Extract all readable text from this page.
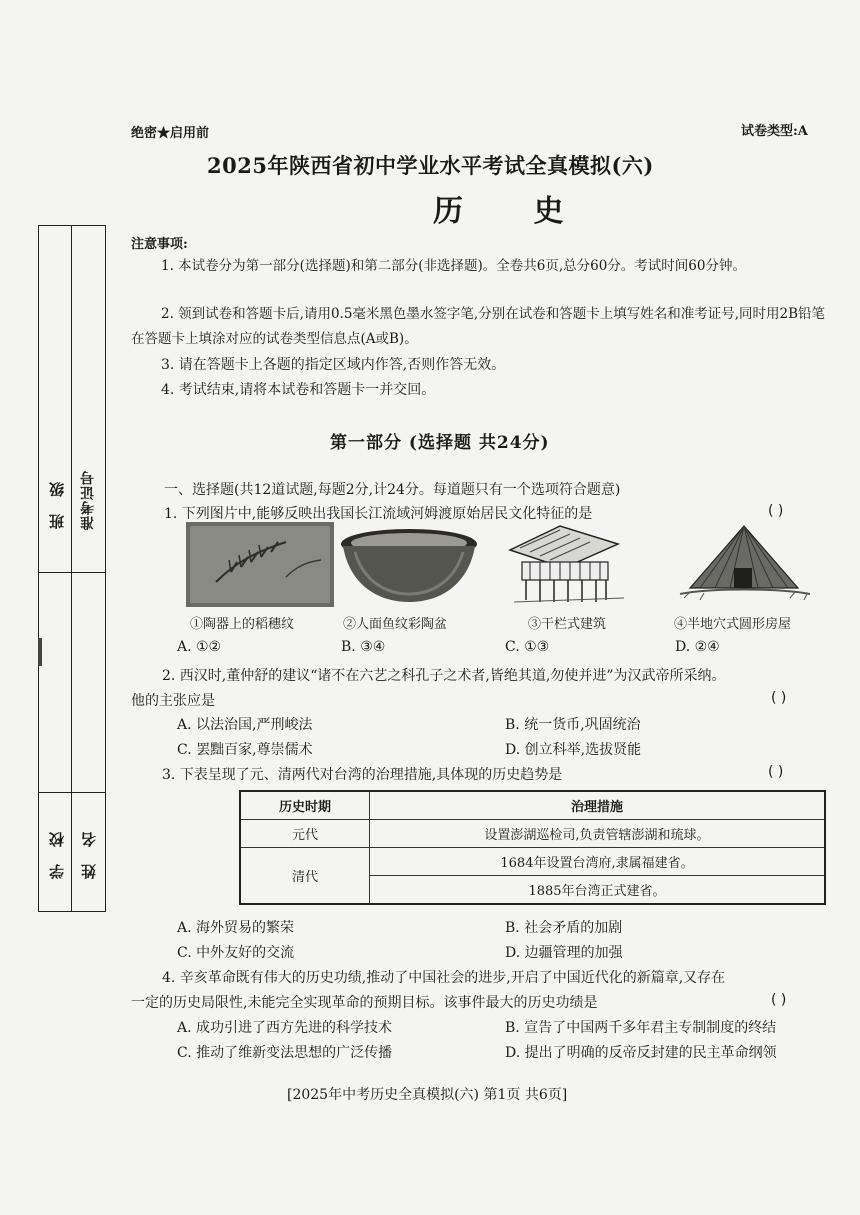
绝密★启用前	试卷类型:A
2025年陕西省初中学业水平考试全真模拟(六)
历 史
班 级 准考证号
学 校 姓 名
注意事项:
1. 本试卷分为第一部分(选择题)和第二部分(非选择题)。全卷共6页,总分60分。考试时间60分钟。
2. 领到试卷和答题卡后,请用0.5毫米黑色墨水签字笔,分别在试卷和答题卡上填写姓名和准考证号,同时用2B铅笔在答题卡上填涂对应的试卷类型信息点(A或B)。
3. 请在答题卡上各题的指定区域内作答,否则作答无效。
4. 考试结束,请将本试卷和答题卡一并交回。
第一部分 (选择题 共24分)
一、选择题(共12道试题,每题2分,计24分。每道题只有一个选项符合题意)
1. 下列图片中,能够反映出我国长江流域河姆渡原始居民文化特征的是	( )
①陶器上的稻穗纹	②人面鱼纹彩陶盆	③干栏式建筑	④半地穴式圆形房屋
A. ①②	B. ③④	C. ①③	D. ②④
2. 西汉时,董仲舒的建议“诸不在六艺之科孔子之术者,皆绝其道,勿使并进”为汉武帝所采纳。
他的主张应是	( )
A. 以法治国,严刑峻法	B. 统一货币,巩固统治
C. 罢黜百家,尊崇儒术	D. 创立科举,选拔贤能
3. 下表呈现了元、清两代对台湾的治理措施,具体现的历史趋势是	( )
历史时期	治理措施
元代	设置澎湖巡检司,负责管辖澎湖和琉球。
清代	1684年设置台湾府,隶属福建省。
	1885年台湾正式建省。
A. 海外贸易的繁荣	B. 社会矛盾的加剧
C. 中外友好的交流	D. 边疆管理的加强
4. 辛亥革命既有伟大的历史功绩,推动了中国社会的进步,开启了中国近代化的新篇章,又存在
一定的历史局限性,未能完全实现革命的预期目标。该事件最大的历史功绩是	( )
A. 成功引进了西方先进的科学技术	B. 宣告了中国两千多年君主专制制度的终结
C. 推动了维新变法思想的广泛传播	D. 提出了明确的反帝反封建的民主革命纲领
[2025年中考历史全真模拟(六) 第1页 共6页]
